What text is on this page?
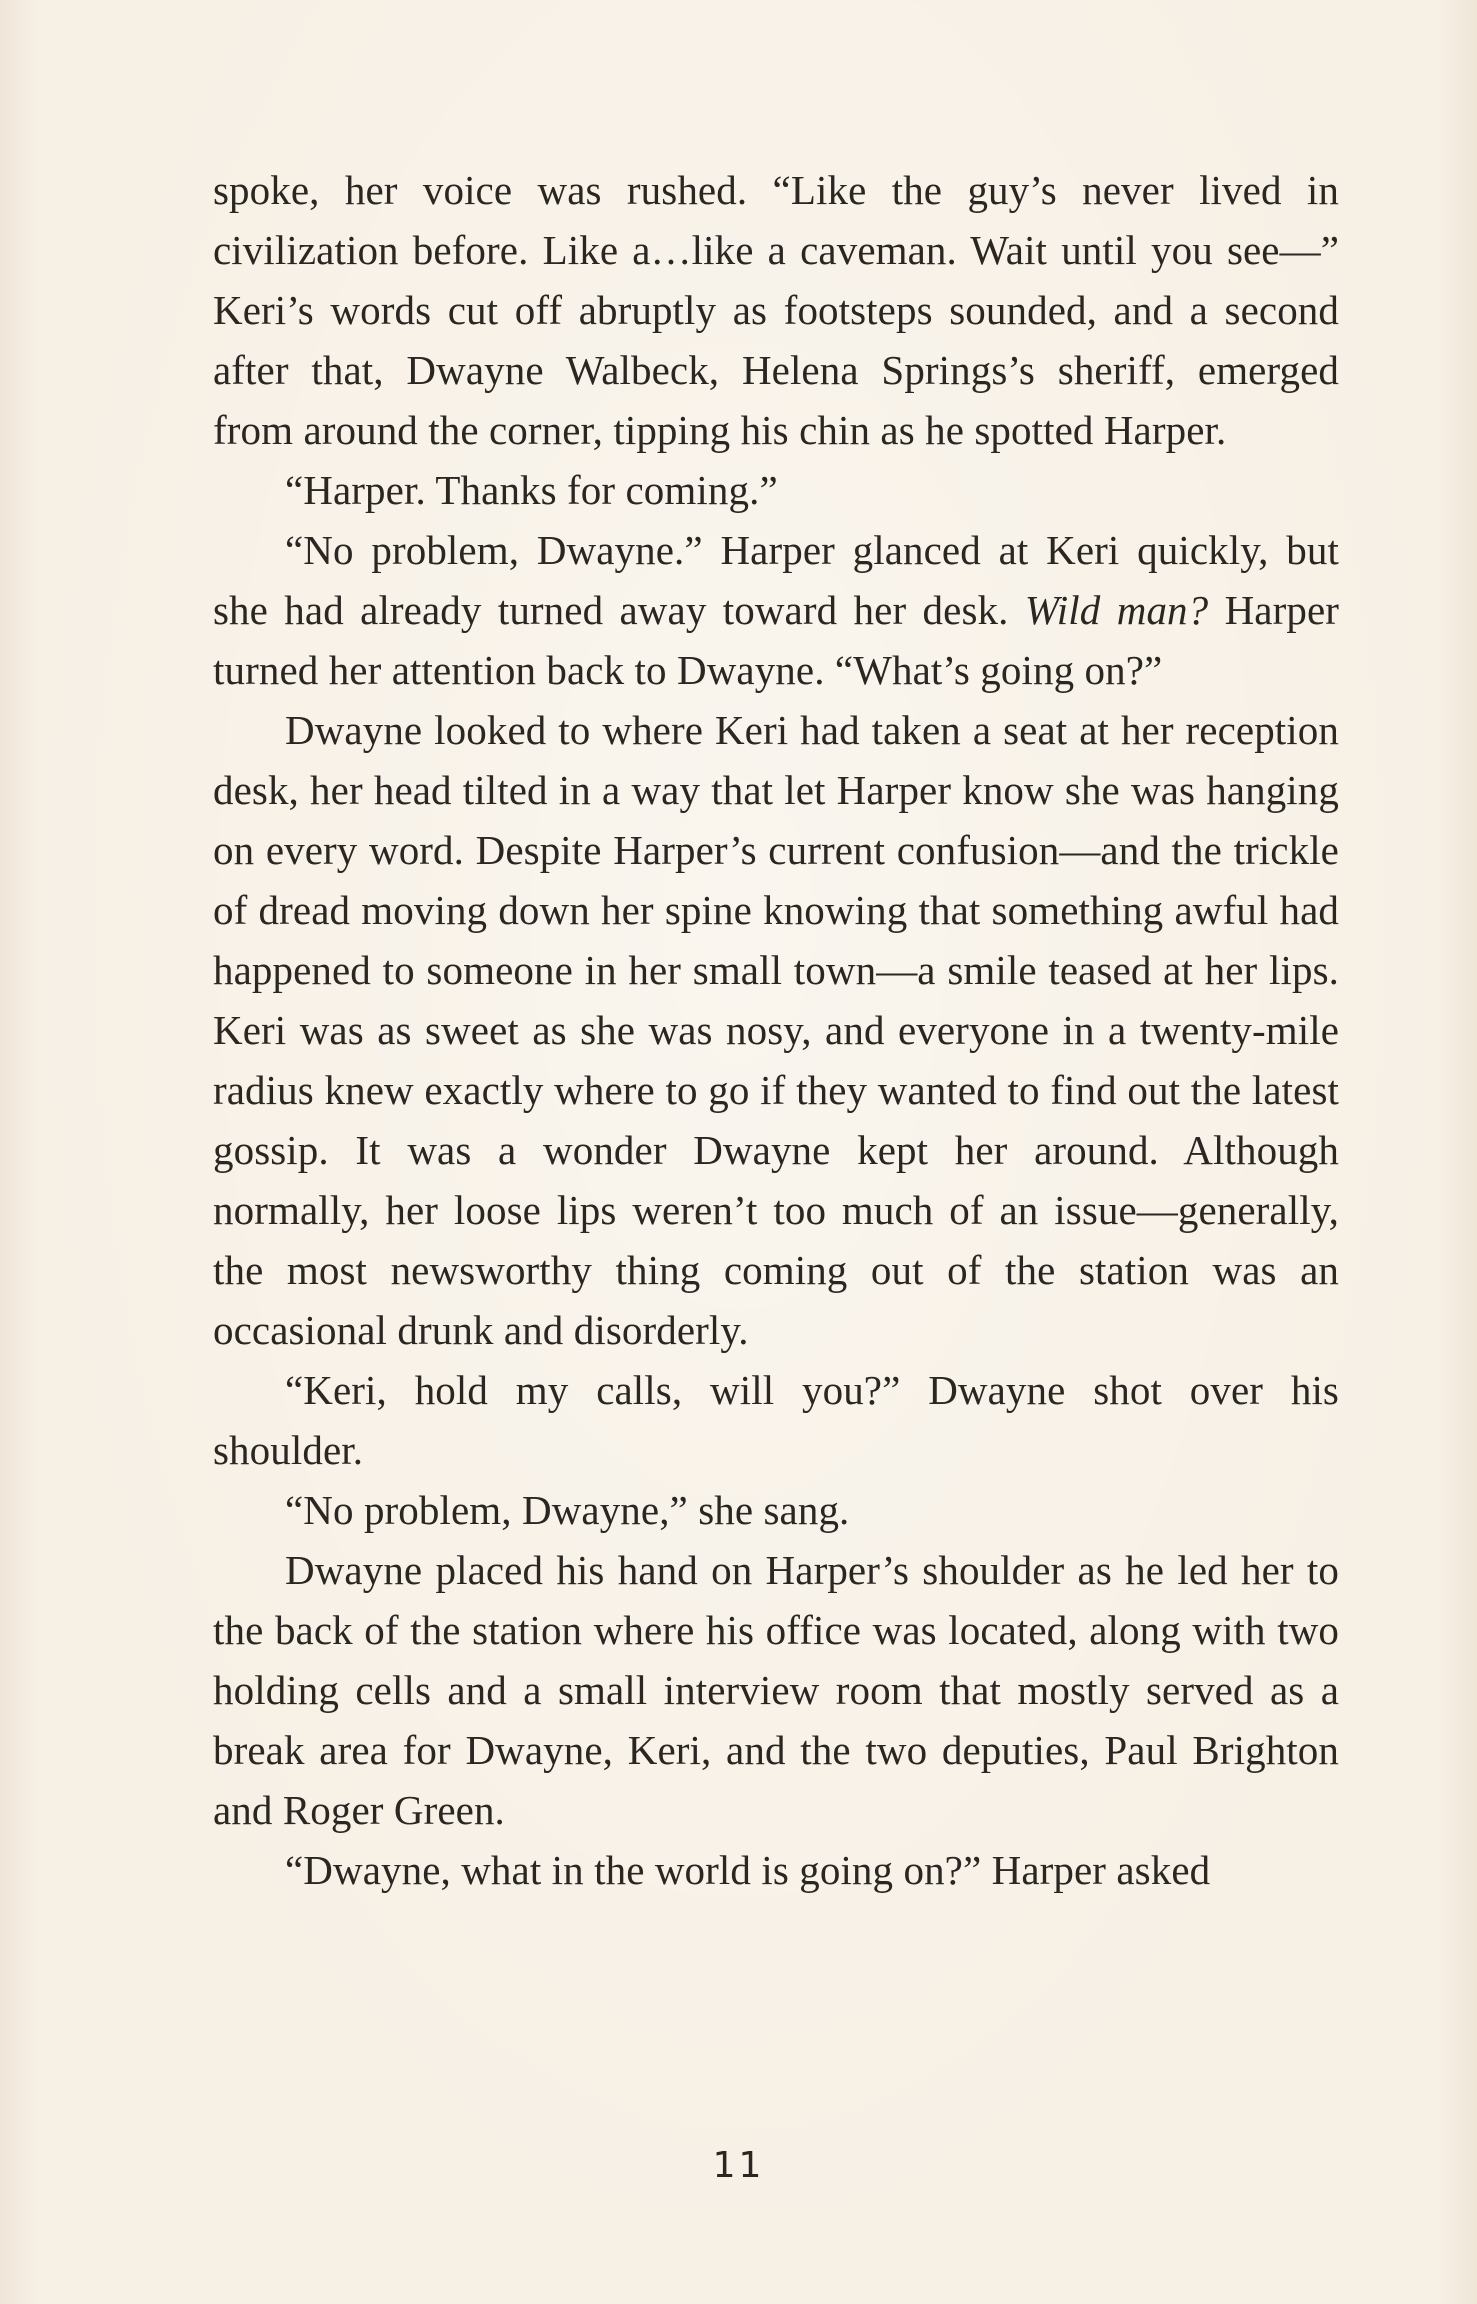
spoke, her voice was rushed. “Like the guy’s never lived in civilization before. Like a…like a caveman. Wait until you see—” Keri’s words cut off abruptly as footsteps sounded, and a second after that, Dwayne Walbeck, Helena Springs’s sheriff, emerged from around the corner, tipping his chin as he spotted Harper.

“Harper. Thanks for coming.”

“No problem, Dwayne.” Harper glanced at Keri quickly, but she had already turned away toward her desk. Wild man? Harper turned her attention back to Dwayne. “What’s going on?”

Dwayne looked to where Keri had taken a seat at her reception desk, her head tilted in a way that let Harper know she was hanging on every word. Despite Harper’s current confusion—and the trickle of dread moving down her spine knowing that something awful had happened to someone in her small town—a smile teased at her lips. Keri was as sweet as she was nosy, and everyone in a twenty-mile radius knew exactly where to go if they wanted to find out the latest gossip. It was a wonder Dwayne kept her around. Although normally, her loose lips weren’t too much of an issue—generally, the most newsworthy thing coming out of the station was an occasional drunk and disorderly.

“Keri, hold my calls, will you?” Dwayne shot over his shoulder.

“No problem, Dwayne,” she sang.

Dwayne placed his hand on Harper’s shoulder as he led her to the back of the station where his office was located, along with two holding cells and a small interview room that mostly served as a break area for Dwayne, Keri, and the two deputies, Paul Brighton and Roger Green.

“Dwayne, what in the world is going on?” Harper asked

11
